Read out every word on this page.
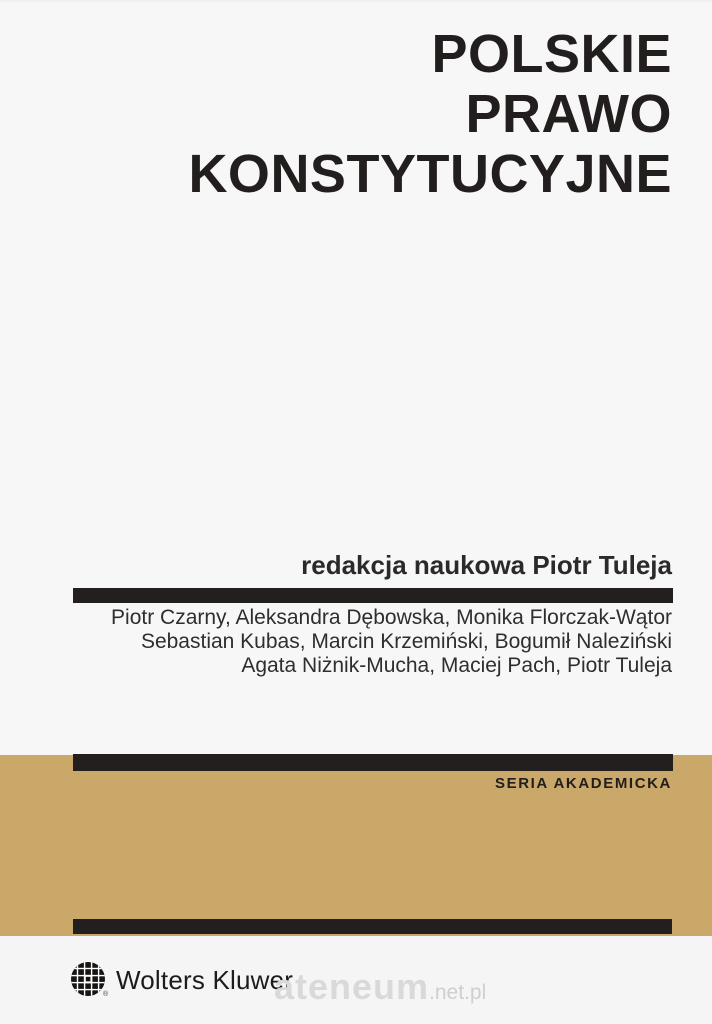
POLSKIE
PRAWO
KONSTYTUCYJNE
redakcja naukowa Piotr Tuleja
Piotr Czarny, Aleksandra Dębowska, Monika Florczak-Wątor
Sebastian Kubas, Marcin Krzemiński, Bogumił Naleziński
Agata Niżnik-Mucha, Maciej Pach, Piotr Tuleja
SERIA AKADEMICKA
® Wolters Kluwer
ateneum .net.pl
